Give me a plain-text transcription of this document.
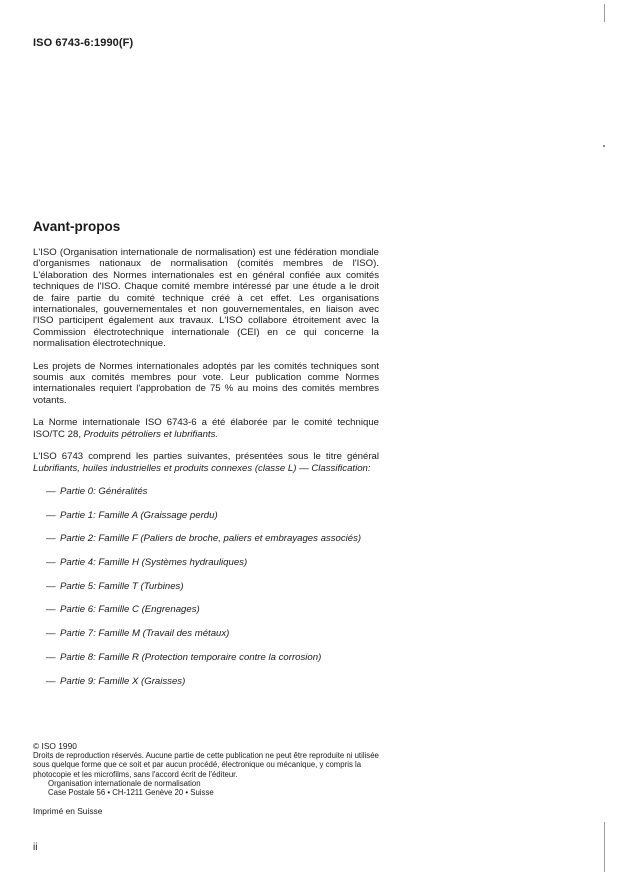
ISO 6743-6:1990(F)
Avant-propos

L'ISO (Organisation internationale de normalisation) est une fédération mondiale d'organismes nationaux de normalisation (comités membres de l'ISO). L'élaboration des Normes internationales est en général confiée aux comités techniques de l'ISO. Chaque comité membre intéressé par une étude a le droit de faire partie du comité technique créé à cet effet. Les organisations internationales, gouvernementales et non gouvernementales, en liaison avec l'ISO participent également aux travaux. L'ISO collabore étroitement avec la Commission électrotechnique internationale (CEI) en ce qui concerne la normalisation électrotechnique.

Les projets de Normes internationales adoptés par les comités techniques sont soumis aux comités membres pour vote. Leur publication comme Normes internationales requiert l'approbation de 75 % au moins des comités membres votants.

La Norme internationale ISO 6743-6 a été élaborée par le comité technique ISO/TC 28, Produits pétroliers et lubrifiants.

L'ISO 6743 comprend les parties suivantes, présentées sous le titre général Lubrifiants, huiles industrielles et produits connexes (classe L) — Classification:

— Partie 0: Généralités
— Partie 1: Famille A (Graissage perdu)
— Partie 2: Famille F (Paliers de broche, paliers et embrayages associés)
— Partie 4: Famille H (Systèmes hydrauliques)
— Partie 5: Famille T (Turbines)
— Partie 6: Famille C (Engrenages)
— Partie 7: Famille M (Travail des métaux)
— Partie 8: Famille R (Protection temporaire contre la corrosion)
— Partie 9: Famille X (Graisses)
© ISO 1990
Droits de reproduction réservés. Aucune partie de cette publication ne peut être reproduite ni utilisée sous quelque forme que ce soit et par aucun procédé, électronique ou mécanique, y compris la photocopie et les microfilms, sans l'accord écrit de l'éditeur.
Organisation internationale de normalisation
Case Postale 56 • CH-1211 Genève 20 • Suisse
Imprimé en Suisse
ii
